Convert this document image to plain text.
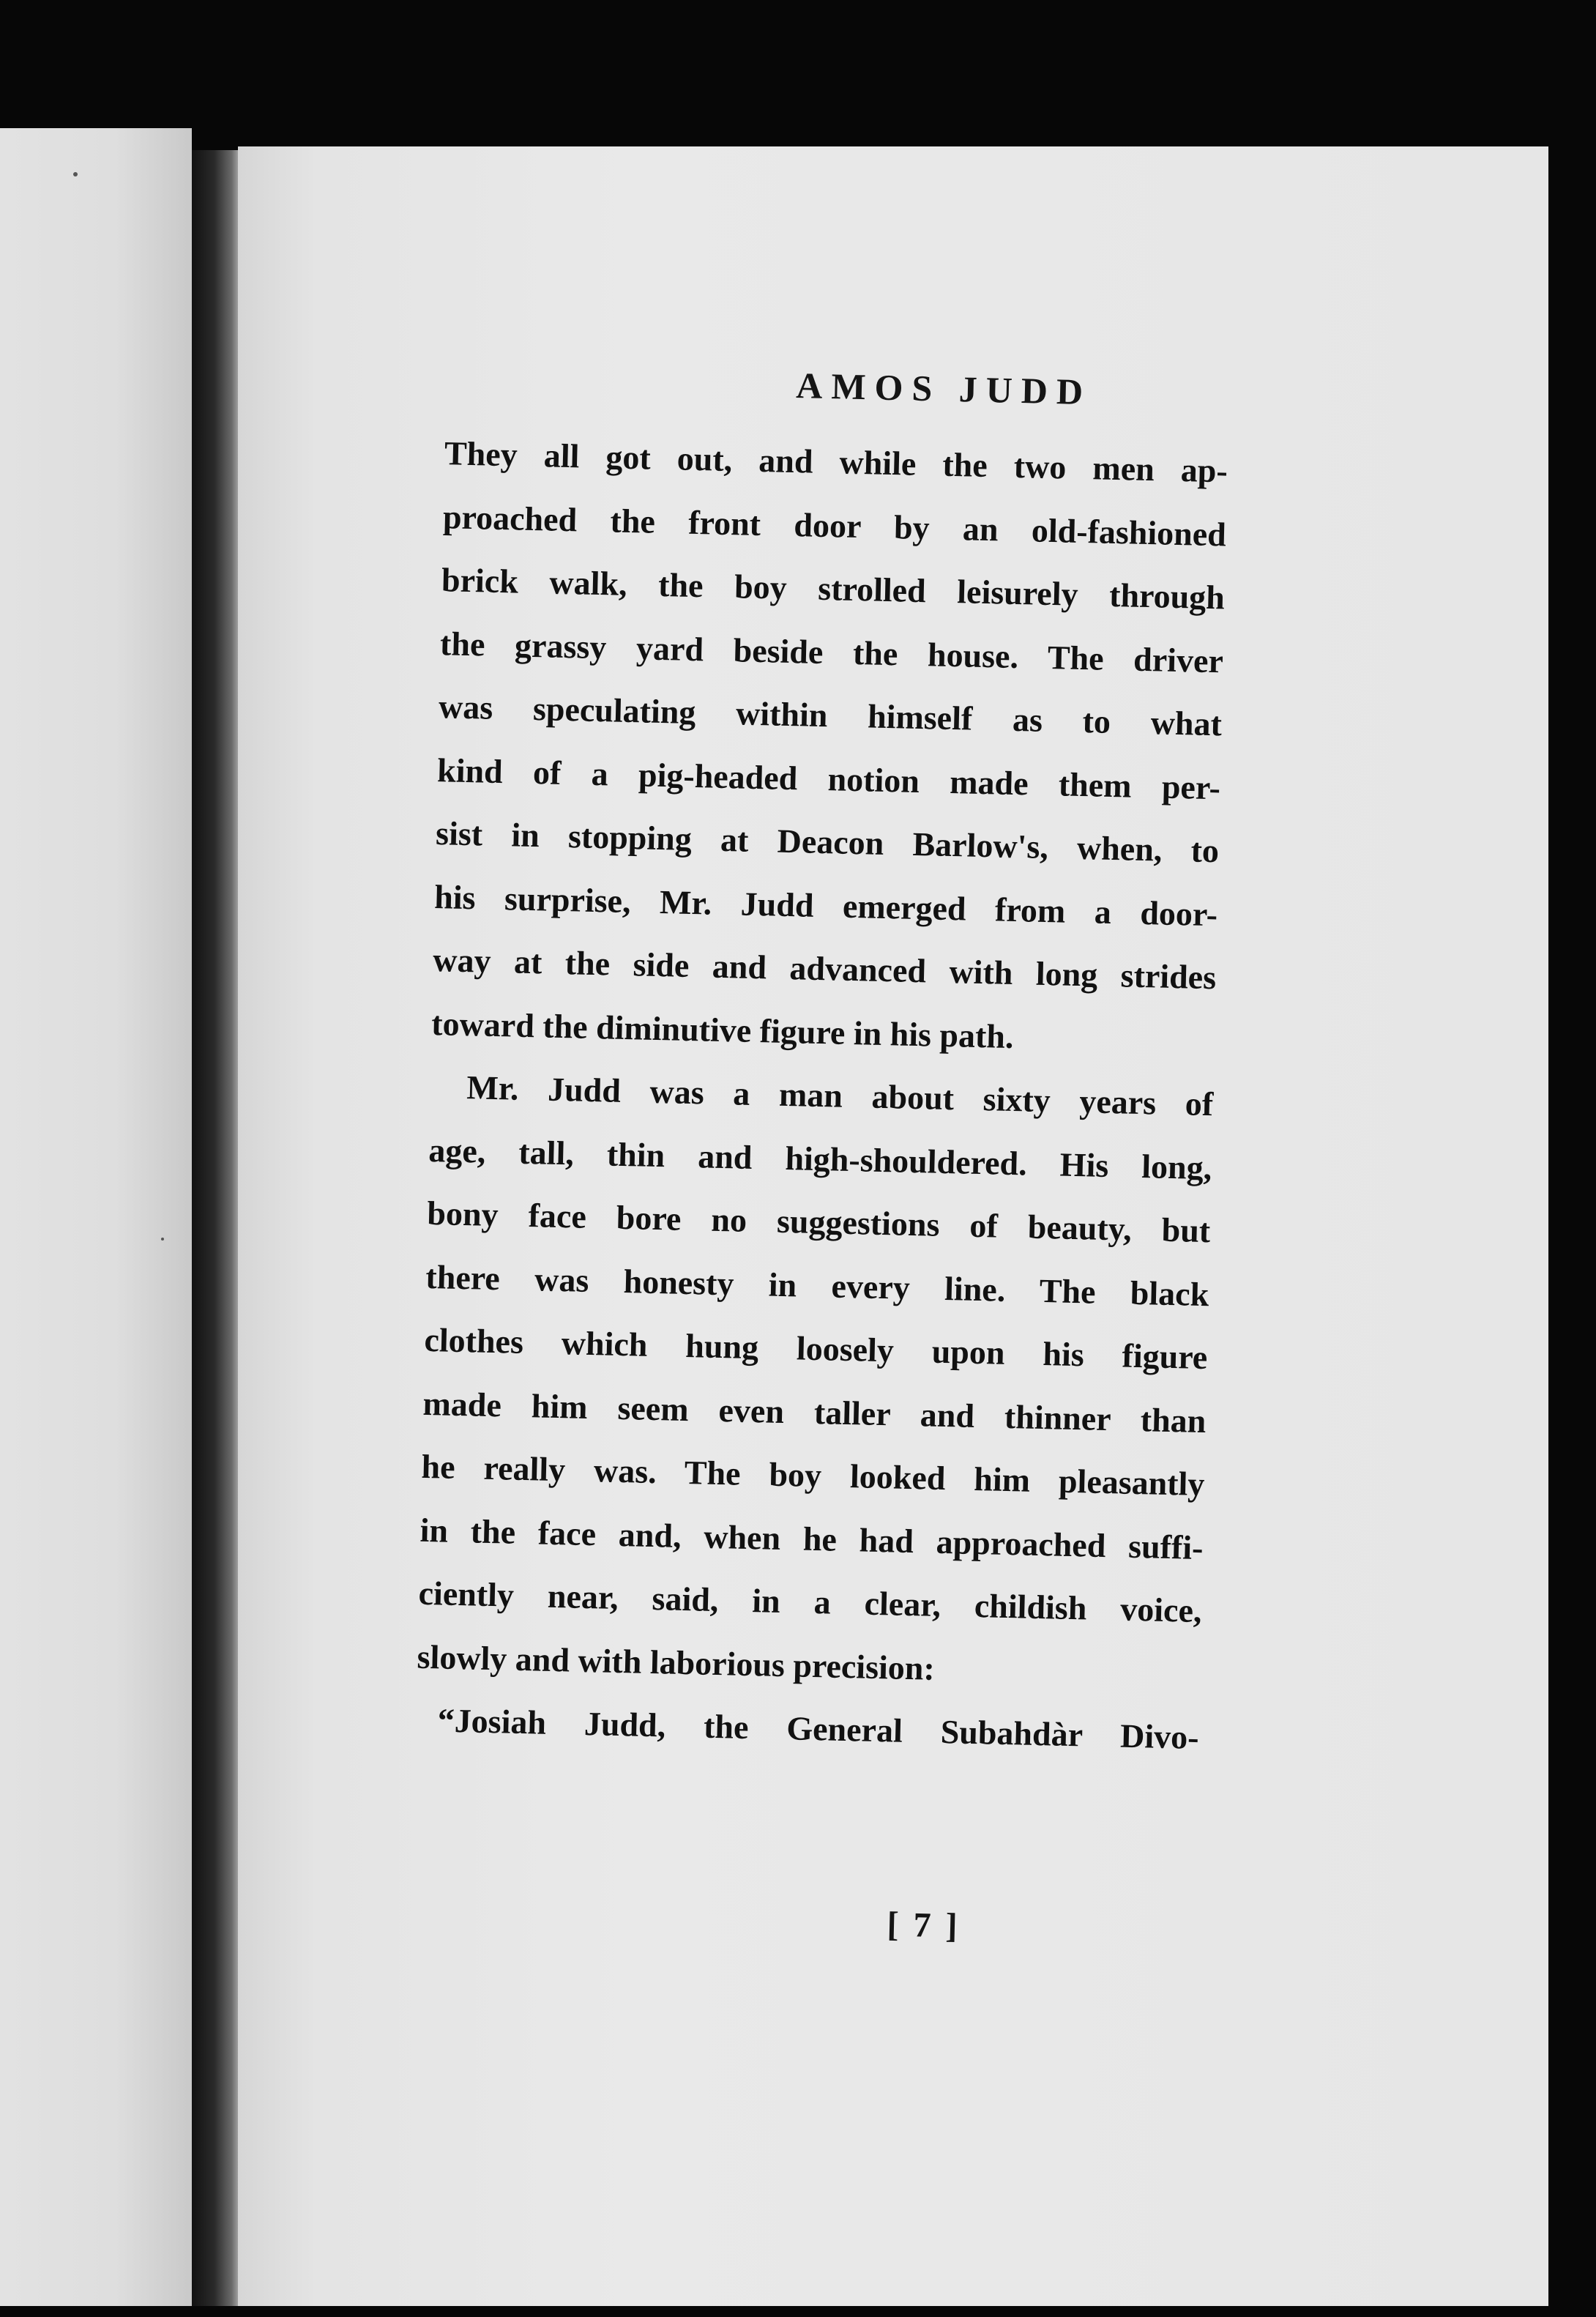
AMOS JUDD

They all got out, and while the two men ap-
proached the front door by an old-fashioned
brick walk, the boy strolled leisurely through
the grassy yard beside the house. The driver
was speculating within himself as to what
kind of a pig-headed notion made them per-
sist in stopping at Deacon Barlow's, when, to
his surprise, Mr. Judd emerged from a door-
way at the side and advanced with long strides
toward the diminutive figure in his path.

Mr. Judd was a man about sixty years of
age, tall, thin and high-shouldered. His long,
bony face bore no suggestions of beauty, but
there was honesty in every line. The black
clothes which hung loosely upon his figure
made him seem even taller and thinner than
he really was. The boy looked him pleasantly
in the face and, when he had approached suffi-
ciently near, said, in a clear, childish voice,
slowly and with laborious precision:

“Josiah Judd, the General Subahdàr Divo-

[ 7 ]
